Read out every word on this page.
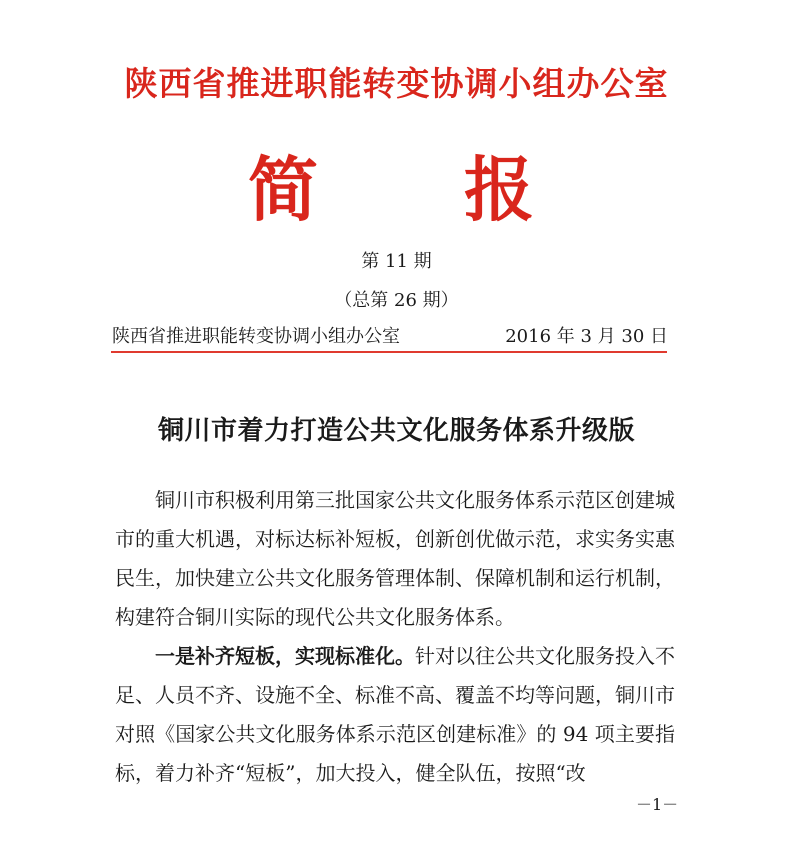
陕西省推进职能转变协调小组办公室
简 报
第 11 期
（总第 26 期）
陕西省推进职能转变协调小组办公室	2016 年 3 月 30 日
铜川市着力打造公共文化服务体系升级版

铜川市积极利用第三批国家公共文化服务体系示范区创建城市的重大机遇，对标达标补短板，创新创优做示范，求实务实惠民生，加快建立公共文化服务管理体制、保障机制和运行机制，构建符合铜川实际的现代公共文化服务体系。

一是补齐短板，实现标准化。针对以往公共文化服务投入不足、人员不齐、设施不全、标准不高、覆盖不均等问题，铜川市对照《国家公共文化服务体系示范区创建标准》的 94 项主要指标，着力补齐“短板”，加大投入，健全队伍，按照“改

－1－
